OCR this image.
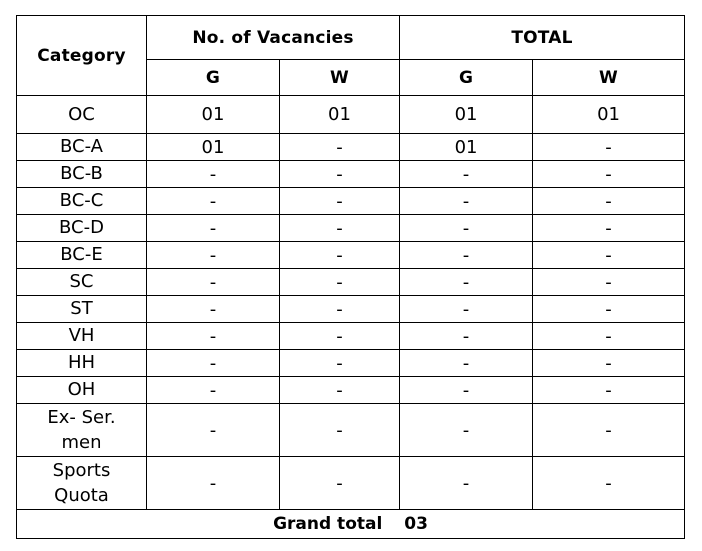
Category	No. of Vacancies		TOTAL	
	G	W	G	W
OC	01	01	01	01
BC-A	01	-	01	-
BC-B	-	-	-	-
BC-C	-	-	-	-
BC-D	-	-	-	-
BC-E	-	-	-	-
SC	-	-	-	-
ST	-	-	-	-
VH	-	-	-	-
HH	-	-	-	-
OH	-	-	-	-

Ex- Ser.
men	-	-	-	-

Sports
Quota	-	-	-	-
Grand total 03				
